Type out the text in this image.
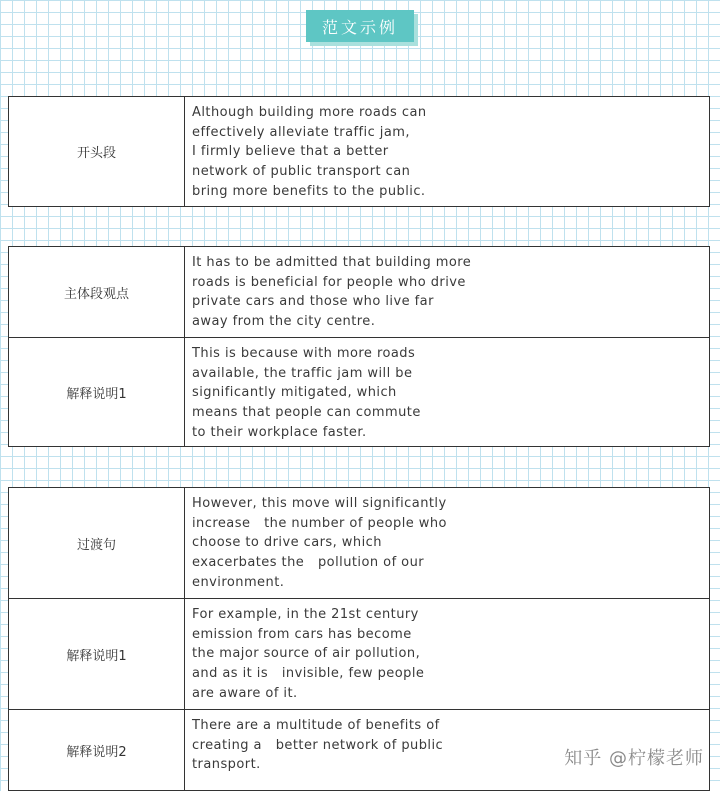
范文示例
开头段
Although building more roads can
effectively alleviate traffic jam,
I firmly believe that a better
network of public transport can
bring more benefits to the public.
主体段观点
It has to be admitted that building more
roads is beneficial for people who drive
private cars and those who live far
away from the city centre.
解释说明1
This is because with more roads
available, the traffic jam will be
significantly mitigated, which
means that people can commute
to their workplace faster.
过渡句
However, this move will significantly
increase   the number of people who
choose to drive cars, which
exacerbates the   pollution of our
environment.
解释说明1
For example, in the 21st century
emission from cars has become
the major source of air pollution,
and as it is   invisible, few people
are aware of it.
解释说明2
There are a multitude of benefits of
creating a   better network of public
transport.	知乎 @柠檬老师
